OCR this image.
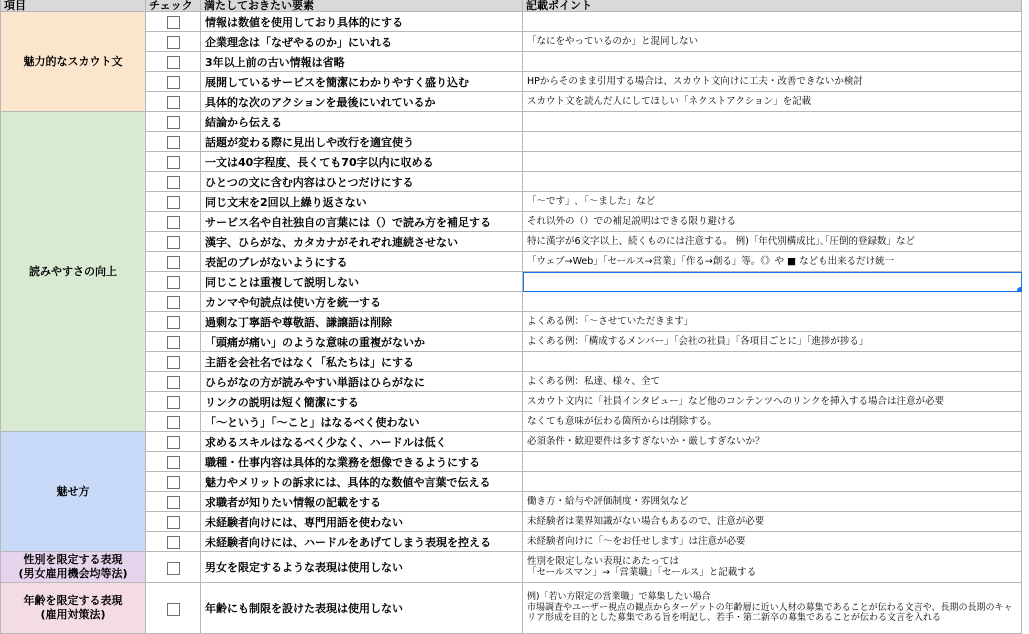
項目	チェック	満たしておきたい要素	記載ポイント
魅力的なスカウト文		情報は数値を使用しており具体的にする	
		企業理念は「なぜやるのか」にいれる	「なにをやっているのか」と混同しない
		3年以上前の古い情報は省略	
		展開しているサービスを簡潔にわかりやすく盛り込む	HPからそのまま引用する場合は、スカウト文向けに工夫・改善できないか検討
		具体的な次のアクションを最後にいれているか	スカウト文を読んだ人にしてほしい「ネクストアクション」を記載
読みやすさの向上		結論から伝える	
		話題が変わる際に見出しや改行を適宜使う	
		一文は40字程度、長くても70字以内に収める	
		ひとつの文に含む内容はひとつだけにする	
		同じ文末を2回以上繰り返さない	「〜です」､「〜ました」など
		サービス名や自社独自の言葉には（）で読み方を補足する	それ以外の（）での補足説明はできる限り避ける
		漢字、ひらがな、カタカナがそれぞれ連続させない	特に漢字が6文字以上、続くものには注意する。 例)「年代別構成比｣､｢圧倒的登録数」など
		表記のブレがないようにする	「ウェブ→Web」「セールス→営業」「作る→創る」等。《》や ■ なども出来るだけ統一
		同じことは重複して説明しない	

		カンマや句読点は使い方を統一する	
		過剰な丁寧語や尊敬語、謙譲語は削除	よくある例：「〜させていただきます」
		「頭痛が痛い」のような意味の重複がないか	よくある例：「構成するメンバー」「会社の社員」「各項目ごとに」「進捗が捗る」
		主語を会社名ではなく「私たちは」にする	
		ひらがなの方が読みやすい単語はひらがなに	よくある例：私達、様々、全て
		リンクの説明は短く簡潔にする	スカウト文内に「社員インタビュー」など他のコンテンツへのリンクを挿入する場合は注意が必要
		「〜という」「〜こと」はなるべく使わない	なくても意味が伝わる箇所からは削除する。
魅せ方		求めるスキルはなるべく少なく、ハードルは低く	必須条件・歓迎要件は多すぎないか・厳しすぎないか？
		職種・仕事内容は具体的な業務を想像できるようにする	
		魅力やメリットの訴求には、具体的な数値や言葉で伝える	
		求職者が知りたい情報の記載をする	働き方・給与や評価制度・雰囲気など
		未経験者向けには、専門用語を使わない	未経験者は業界知識がない場合もあるので、注意が必要
		未経験者向けには、ハードルをあげてしまう表現を控える	未経験者向けに「〜をお任せします」は注意が必要
性別を限定する表現
(男女雇用機会均等法)		男女を限定するような表現は使用しない	性別を限定しない表現にあたっては
「セールスマン」→「営業職」「セールス」と記載する
年齢を限定する表現
(雇用対策法)		年齢にも制限を設けた表現は使用しない	例)「若い方限定の営業職」で募集したい場合
市場調査やユーザー視点の観点からターゲットの年齢層に近い人材の募集であることが伝わる文言や、長期の長期のキャリア形成を目的とした募集である旨を明記し、若手・第二新卒の募集であることが伝わる文言を入れる
